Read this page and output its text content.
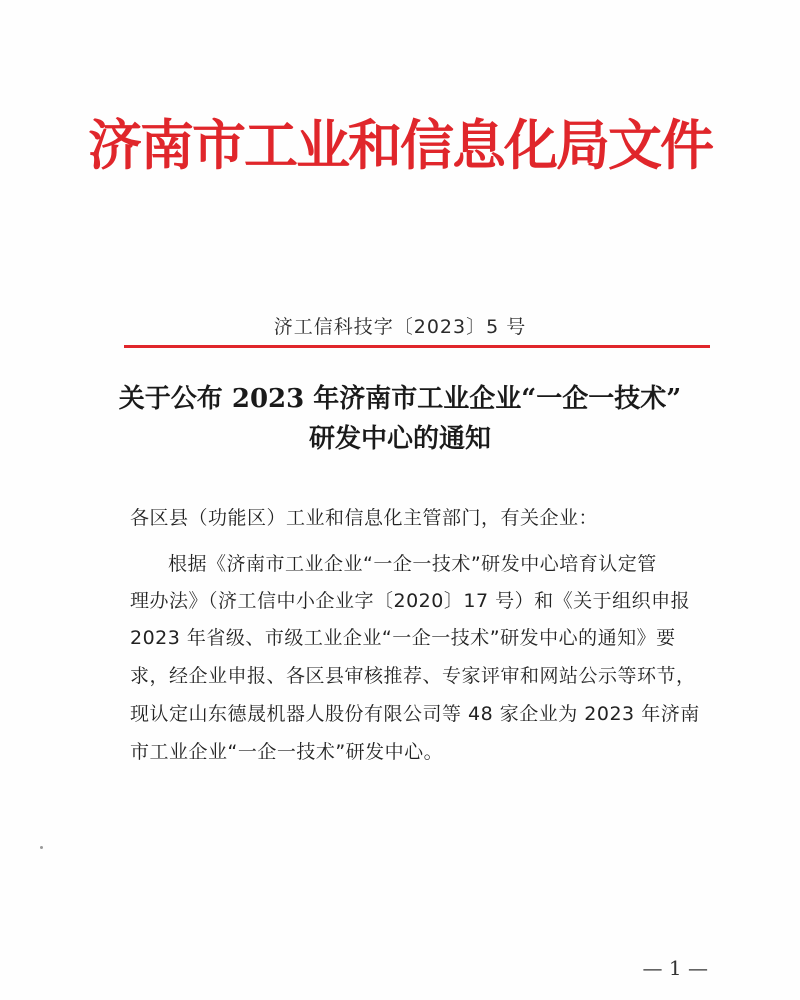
济南市工业和信息化局文件
济工信科技字〔2023〕5 号
关于公布 2023 年济南市工业企业“一企一技术”
研发中心的通知
各区县（功能区）工业和信息化主管部门，有关企业：
根据《济南市工业企业“一企一技术”研发中心培育认定管
理办法》（济工信中小企业字〔2020〕17 号）和《关于组织申报
2023 年省级、市级工业企业“一企一技术”研发中心的通知》要
求，经企业申报、各区县审核推荐、专家评审和网站公示等环节，
现认定山东德晟机器人股份有限公司等 48 家企业为 2023 年济南
市工业企业“一企一技术”研发中心。
— 1 —
